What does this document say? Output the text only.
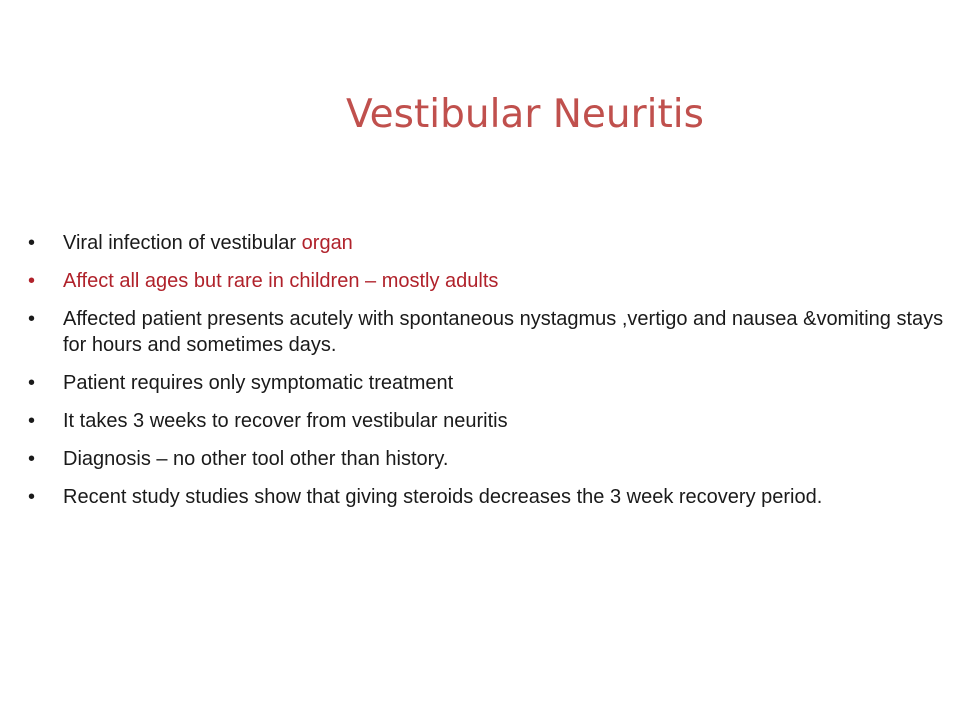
Vestibular Neuritis
• Viral infection of vestibular organ
• Affect all ages but rare in children – mostly adults
• Affected patient presents acutely with spontaneous nystagmus ,vertigo and nausea &vomiting stays for hours and sometimes days.
• Patient requires only symptomatic treatment
• It takes 3 weeks to recover from vestibular neuritis
• Diagnosis – no other tool other than history.
• Recent study studies show that giving steroids decreases the 3 week recovery period.
